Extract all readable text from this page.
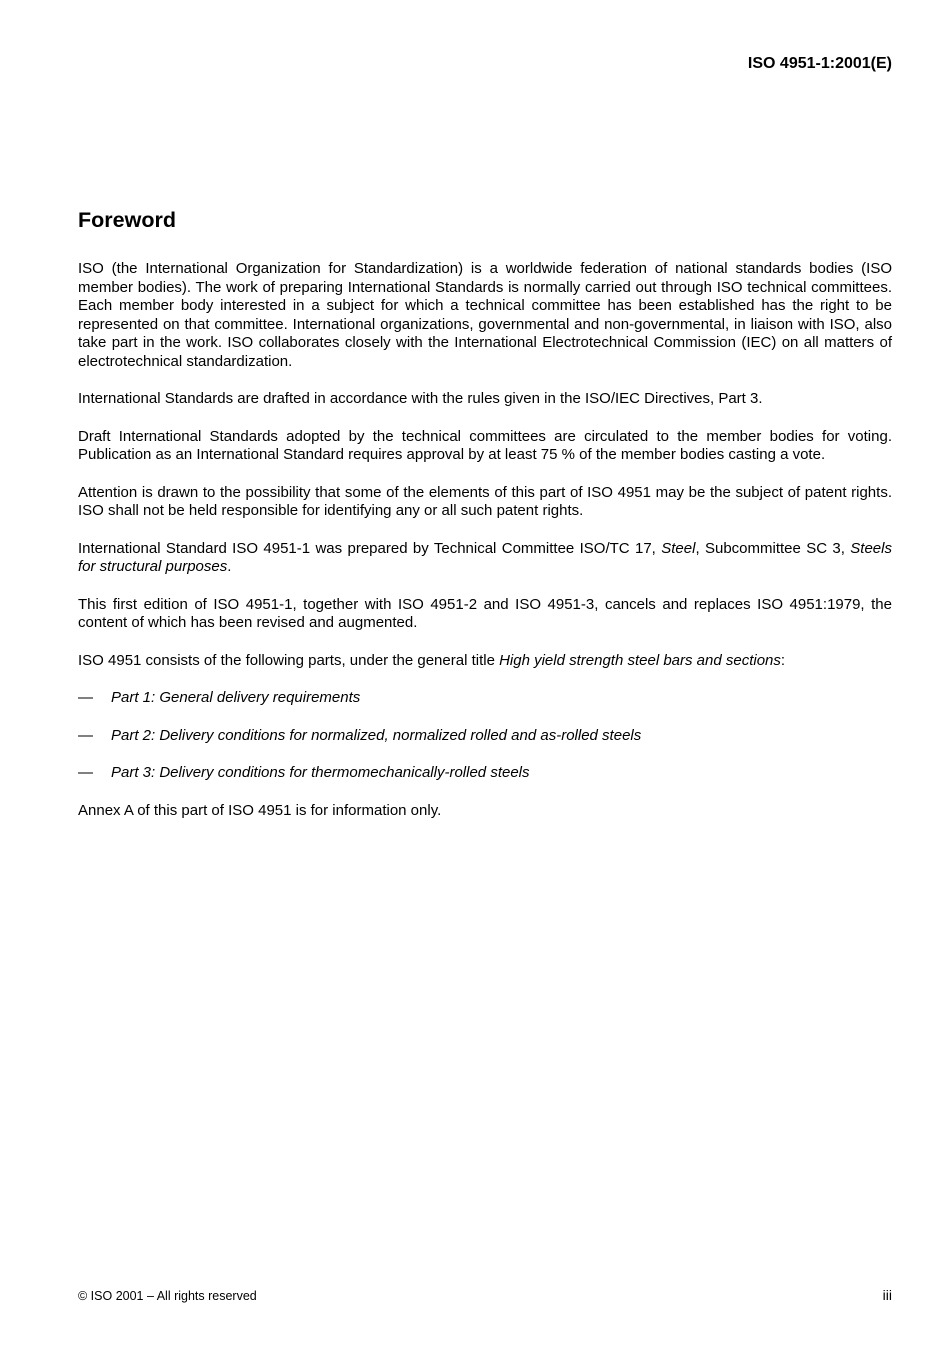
ISO 4951-1:2001(E)
Foreword

ISO (the International Organization for Standardization) is a worldwide federation of national standards bodies (ISO member bodies). The work of preparing International Standards is normally carried out through ISO technical committees. Each member body interested in a subject for which a technical committee has been established has the right to be represented on that committee. International organizations, governmental and non-governmental, in liaison with ISO, also take part in the work. ISO collaborates closely with the International Electrotechnical Commission (IEC) on all matters of electrotechnical standardization.

International Standards are drafted in accordance with the rules given in the ISO/IEC Directives, Part 3.

Draft International Standards adopted by the technical committees are circulated to the member bodies for voting. Publication as an International Standard requires approval by at least 75 % of the member bodies casting a vote.

Attention is drawn to the possibility that some of the elements of this part of ISO 4951 may be the subject of patent rights. ISO shall not be held responsible for identifying any or all such patent rights.

International Standard ISO 4951-1 was prepared by Technical Committee ISO/TC 17, Steel, Subcommittee SC 3, Steels for structural purposes.

This first edition of ISO 4951-1, together with ISO 4951-2 and ISO 4951-3, cancels and replaces ISO 4951:1979, the content of which has been revised and augmented.

ISO 4951 consists of the following parts, under the general title High yield strength steel bars and sections:

—	Part 1: General delivery requirements
—	Part 2: Delivery conditions for normalized, normalized rolled and as-rolled steels
—	Part 3: Delivery conditions for thermomechanically-rolled steels

Annex A of this part of ISO 4951 is for information only.

© ISO 2001 – All rights reserved	iii
